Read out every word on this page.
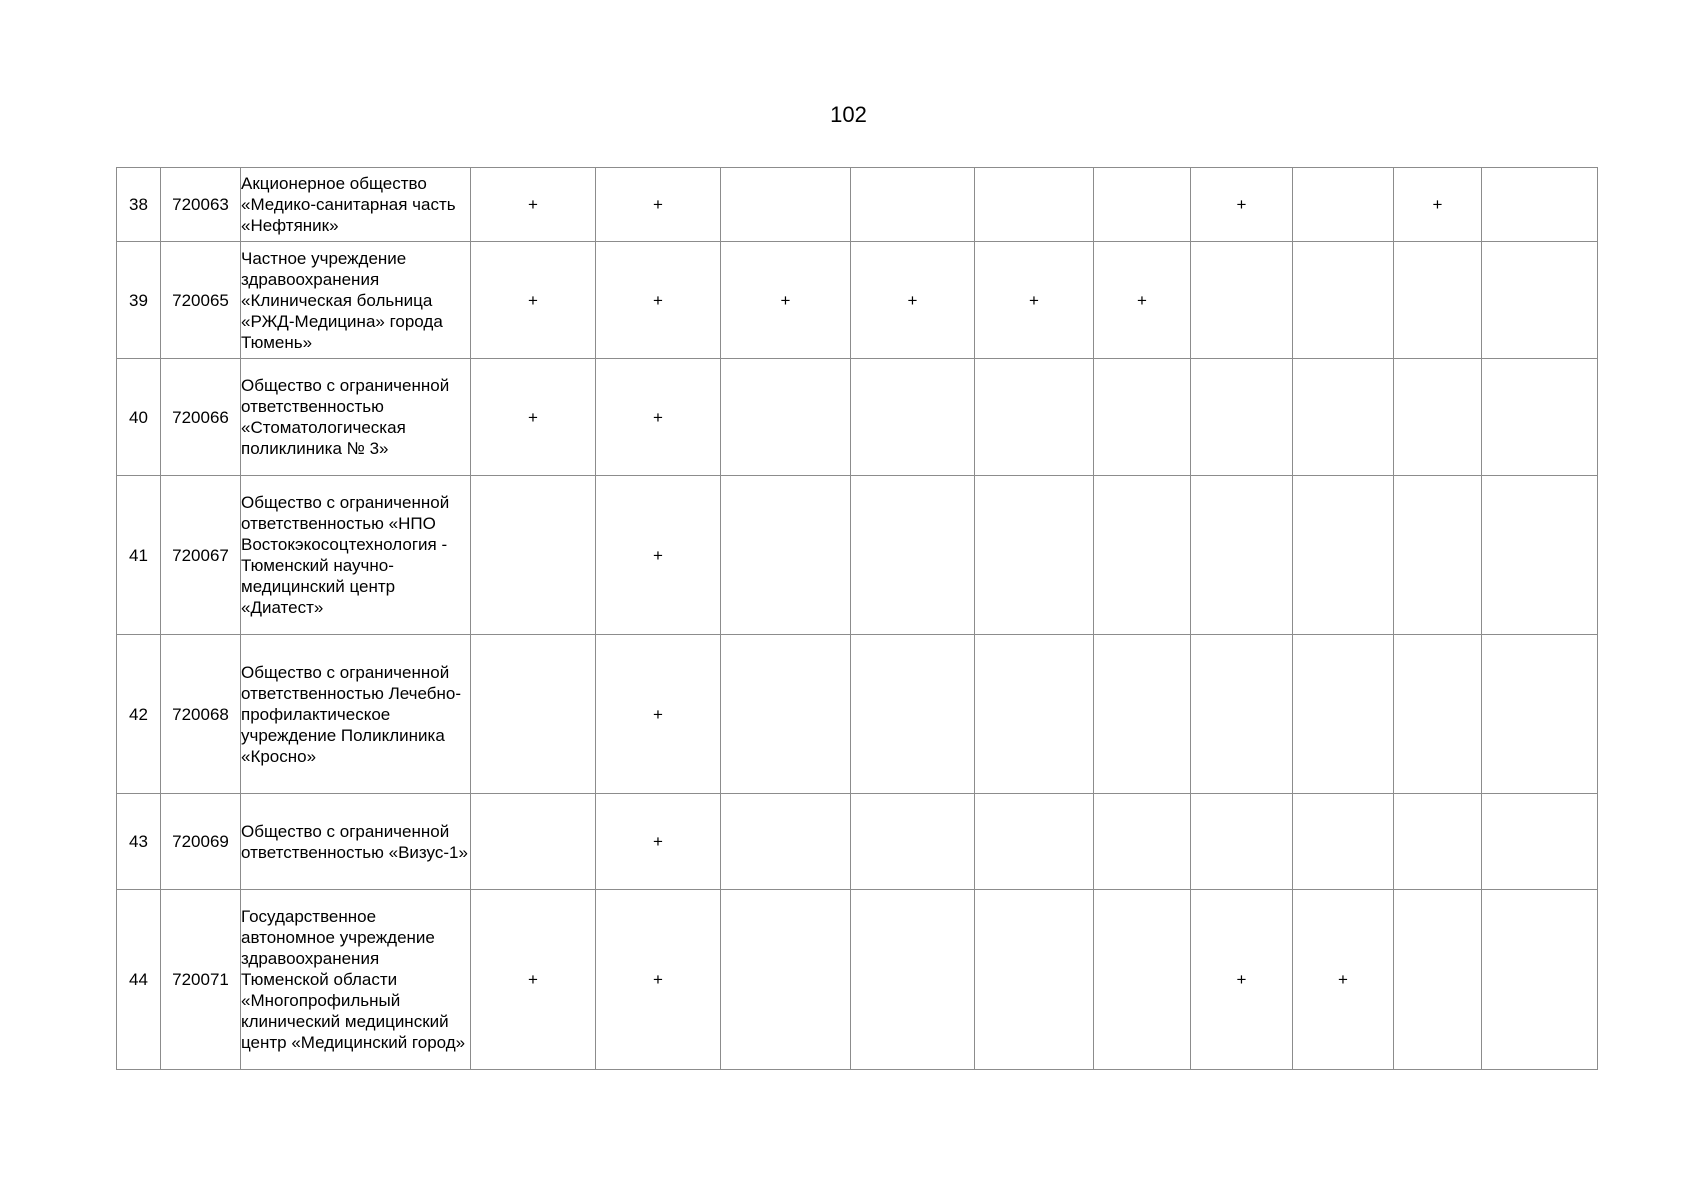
102
38	720063	Акционерное общество «Медико-санитарная часть «Нефтяник»	+	+					+		+	
39	720065	Частное учреждение здравоохранения «Клиническая больница «РЖД-Медицина» города Тюмень»	+	+	+	+	+	+				
40	720066	Общество с ограниченной ответственностью «Стоматологическая поликлиника № 3»	+	+								
41	720067	Общество с ограниченной ответственностью «НПО Востокэкосоцтехнология - Тюменский научно-медицинский центр «Диатест»		+								
42	720068	Общество с ограниченной ответственностью Лечебно-профилактическое учреждение Поликлиника «Кросно»		+								
43	720069	Общество с ограниченной ответственностью «Визус-1»		+								
44	720071	Государственное автономное учреждение здравоохранения Тюменской области «Многопрофильный клинический медицинский центр «Медицинский город»	+	+					+	+		
